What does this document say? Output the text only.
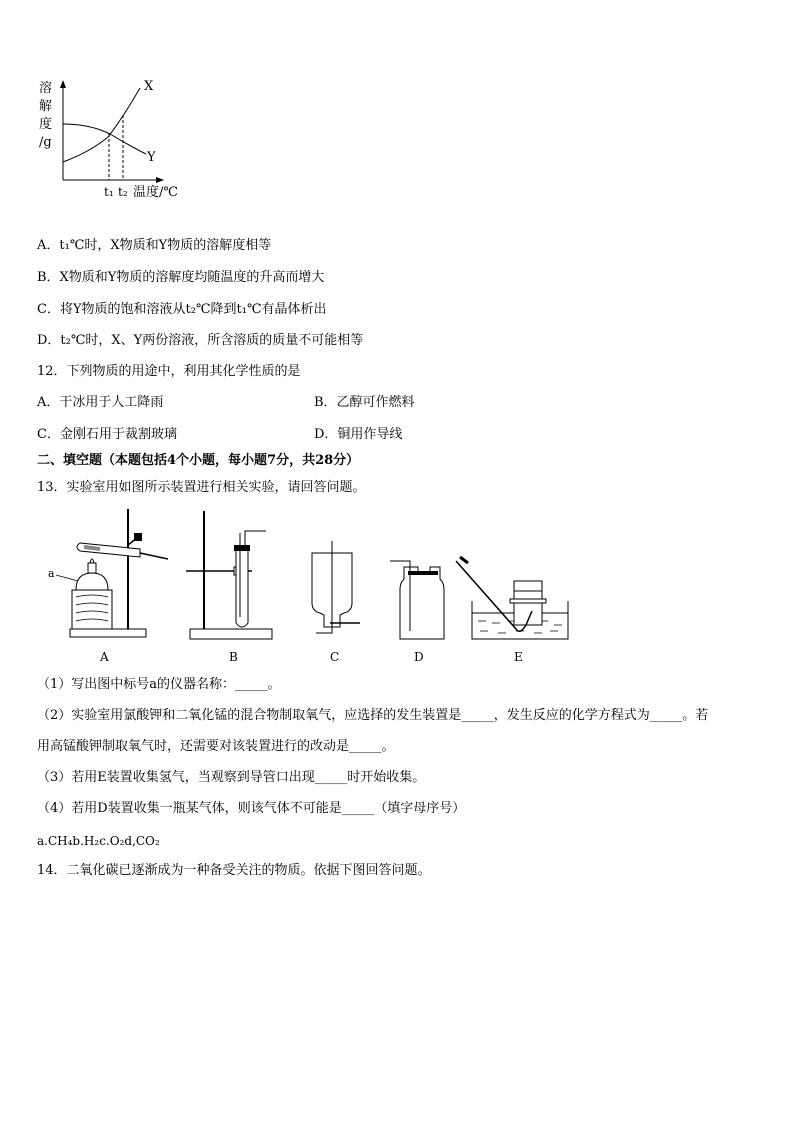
溶
解
度
/g
X
Y
t₁ t₂ 温度/℃
A．t₁℃时，X物质和Y物质的溶解度相等
B．X物质和Y物质的溶解度均随温度的升高而增大
C．将Y物质的饱和溶液从t₂℃降到t₁℃有晶体析出
D．t₂℃时，X、Y两份溶液，所含溶质的质量不可能相等
12．下列物质的用途中，利用其化学性质的是
A．干冰用于人工降雨	B．乙醇可作燃料
C．金刚石用于裁割玻璃	D．铜用作导线
二、填空题（本题包括4个小题，每小题7分，共28分）
13．实验室用如图所示装置进行相关实验，请回答问题。
a
A	B	C	D	E
（1）写出图中标号a的仪器名称：_____。
（2）实验室用氯酸钾和二氧化锰的混合物制取氧气，应选择的发生装置是_____，发生反应的化学方程式为_____。若
用高锰酸钾制取氧气时，还需要对该装置进行的改动是_____。
（3）若用E装置收集氢气，当观察到导管口出现_____时开始收集。
（4）若用D装置收集一瓶某气体，则该气体不可能是_____（填字母序号）
a.CH₄b.H₂c.O₂d,CO₂
14．二氧化碳已逐渐成为一种备受关注的物质。依据下图回答问题。
